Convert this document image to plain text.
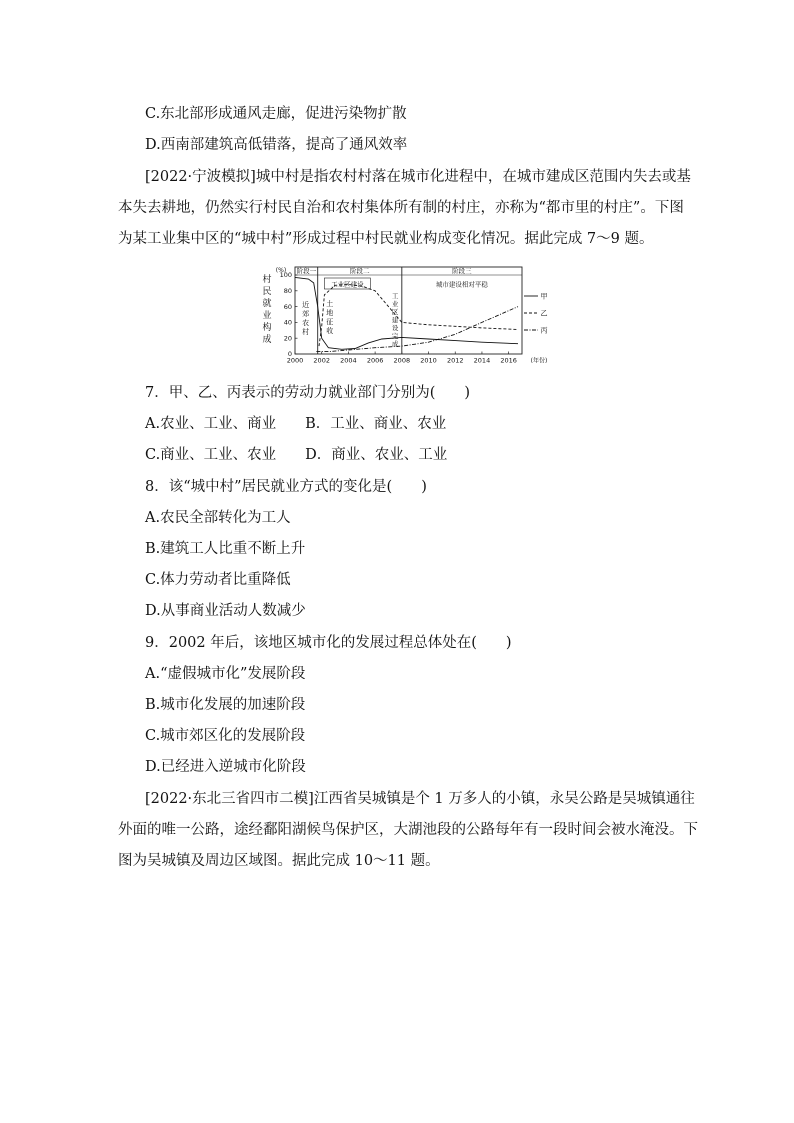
C.东北部形成通风走廊，促进污染物扩散
D.西南部建筑高低错落，提高了通风效率
[2022·宁波模拟]城中村是指农村村落在城市化进程中，在城市建成区范围内失去或基
本失去耕地，仍然实行村民自治和农村集体所有制的村庄，亦称为“都市里的村庄”。下图
为某工业集中区的“城中村”形成过程中村民就业构成变化情况。据此完成 7～9 题。
阶段一	阶段二	阶段三
近
郊
农
村
工业区建设	城市建设相对平稳
土
地
征
收
工
业
区
建
设
完
成
(%)
0
20
40
60
80
100
村
民
就
业
构
成
2000 2002 2004 2006 2008 2010 2012 2014 2016 (年份)
甲
乙
丙
7．甲、乙、丙表示的劳动力就业部门分别为(　　)
A.农业、工业、商业　　B．工业、商业、农业
C.商业、工业、农业　　D．商业、农业、工业
8．该“城中村”居民就业方式的变化是(　　)
A.农民全部转化为工人
B.建筑工人比重不断上升
C.体力劳动者比重降低
D.从事商业活动人数减少
9．2002 年后，该地区城市化的发展过程总体处在(　　)
A.“虚假城市化”发展阶段
B.城市化发展的加速阶段
C.城市郊区化的发展阶段
D.已经进入逆城市化阶段
[2022·东北三省四市二模]江西省吴城镇是个 1 万多人的小镇，永吴公路是吴城镇通往
外面的唯一公路，途经鄱阳湖候鸟保护区，大湖池段的公路每年有一段时间会被水淹没。下
图为吴城镇及周边区域图。据此完成 10～11 题。
